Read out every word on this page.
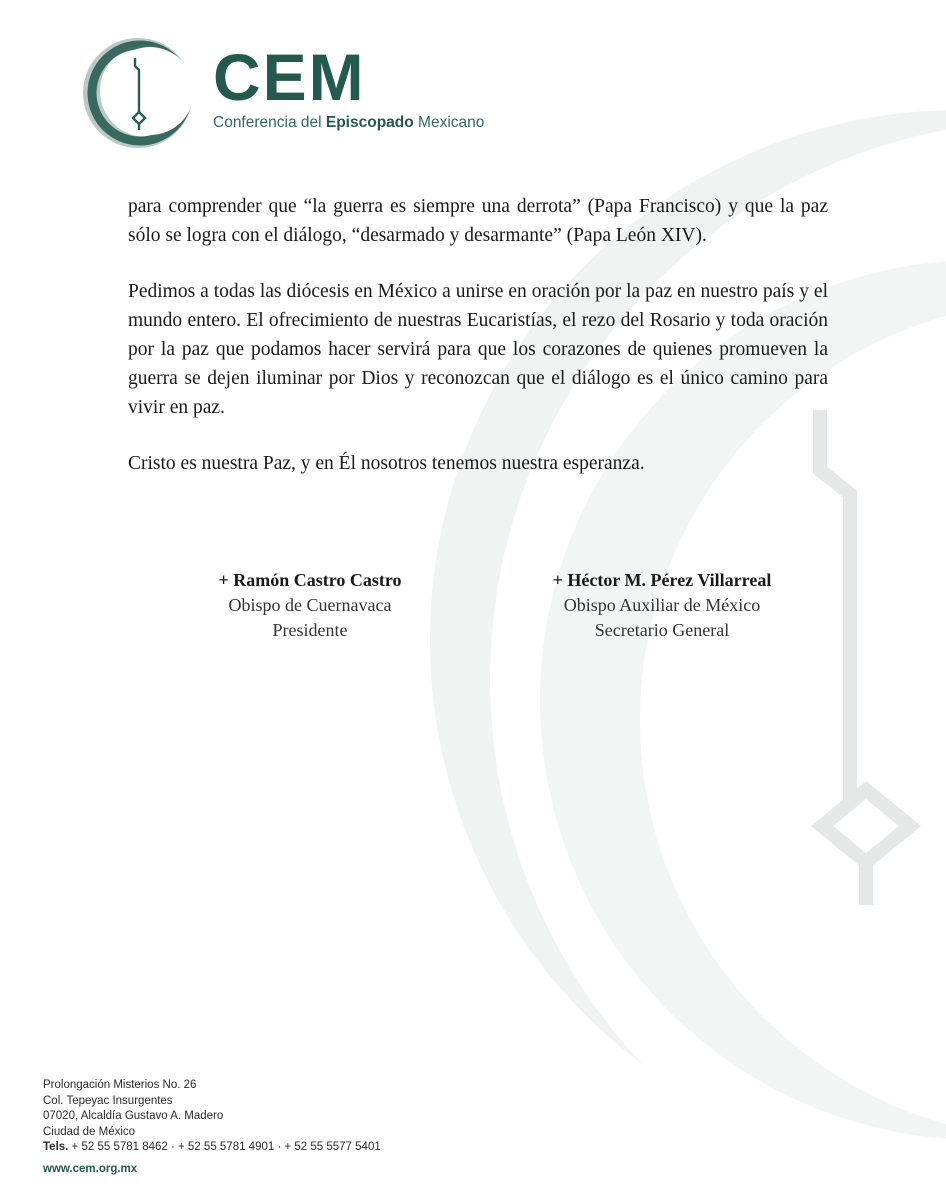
CEM
Conferencia del Episcopado Mexicano

para comprender que “la guerra es siempre una derrota” (Papa Francisco) y que la paz sólo se logra con el diálogo, “desarmado y desarmante” (Papa León XIV).

Pedimos a todas las diócesis en México a unirse en oración por la paz en nuestro país y el mundo entero. El ofrecimiento de nuestras Eucaristías, el rezo del Rosario y toda oración por la paz que podamos hacer servirá para que los corazones de quienes promueven la guerra se dejen iluminar por Dios y reconozcan que el diálogo es el único camino para vivir en paz.

Cristo es nuestra Paz, y en Él nosotros tenemos nuestra esperanza.

+ Ramón Castro Castro
Obispo de Cuernavaca
Presidente
+ Héctor M. Pérez Villarreal
Obispo Auxiliar de México
Secretario General
Prolongación Misterios No. 26
Col. Tepeyac Insurgentes
07020, Alcaldía Gustavo A. Madero
Ciudad de México
Tels. + 52 55 5781 8462 · + 52 55 5781 4901 · + 52 55 5577 5401
www.cem.org.mx
